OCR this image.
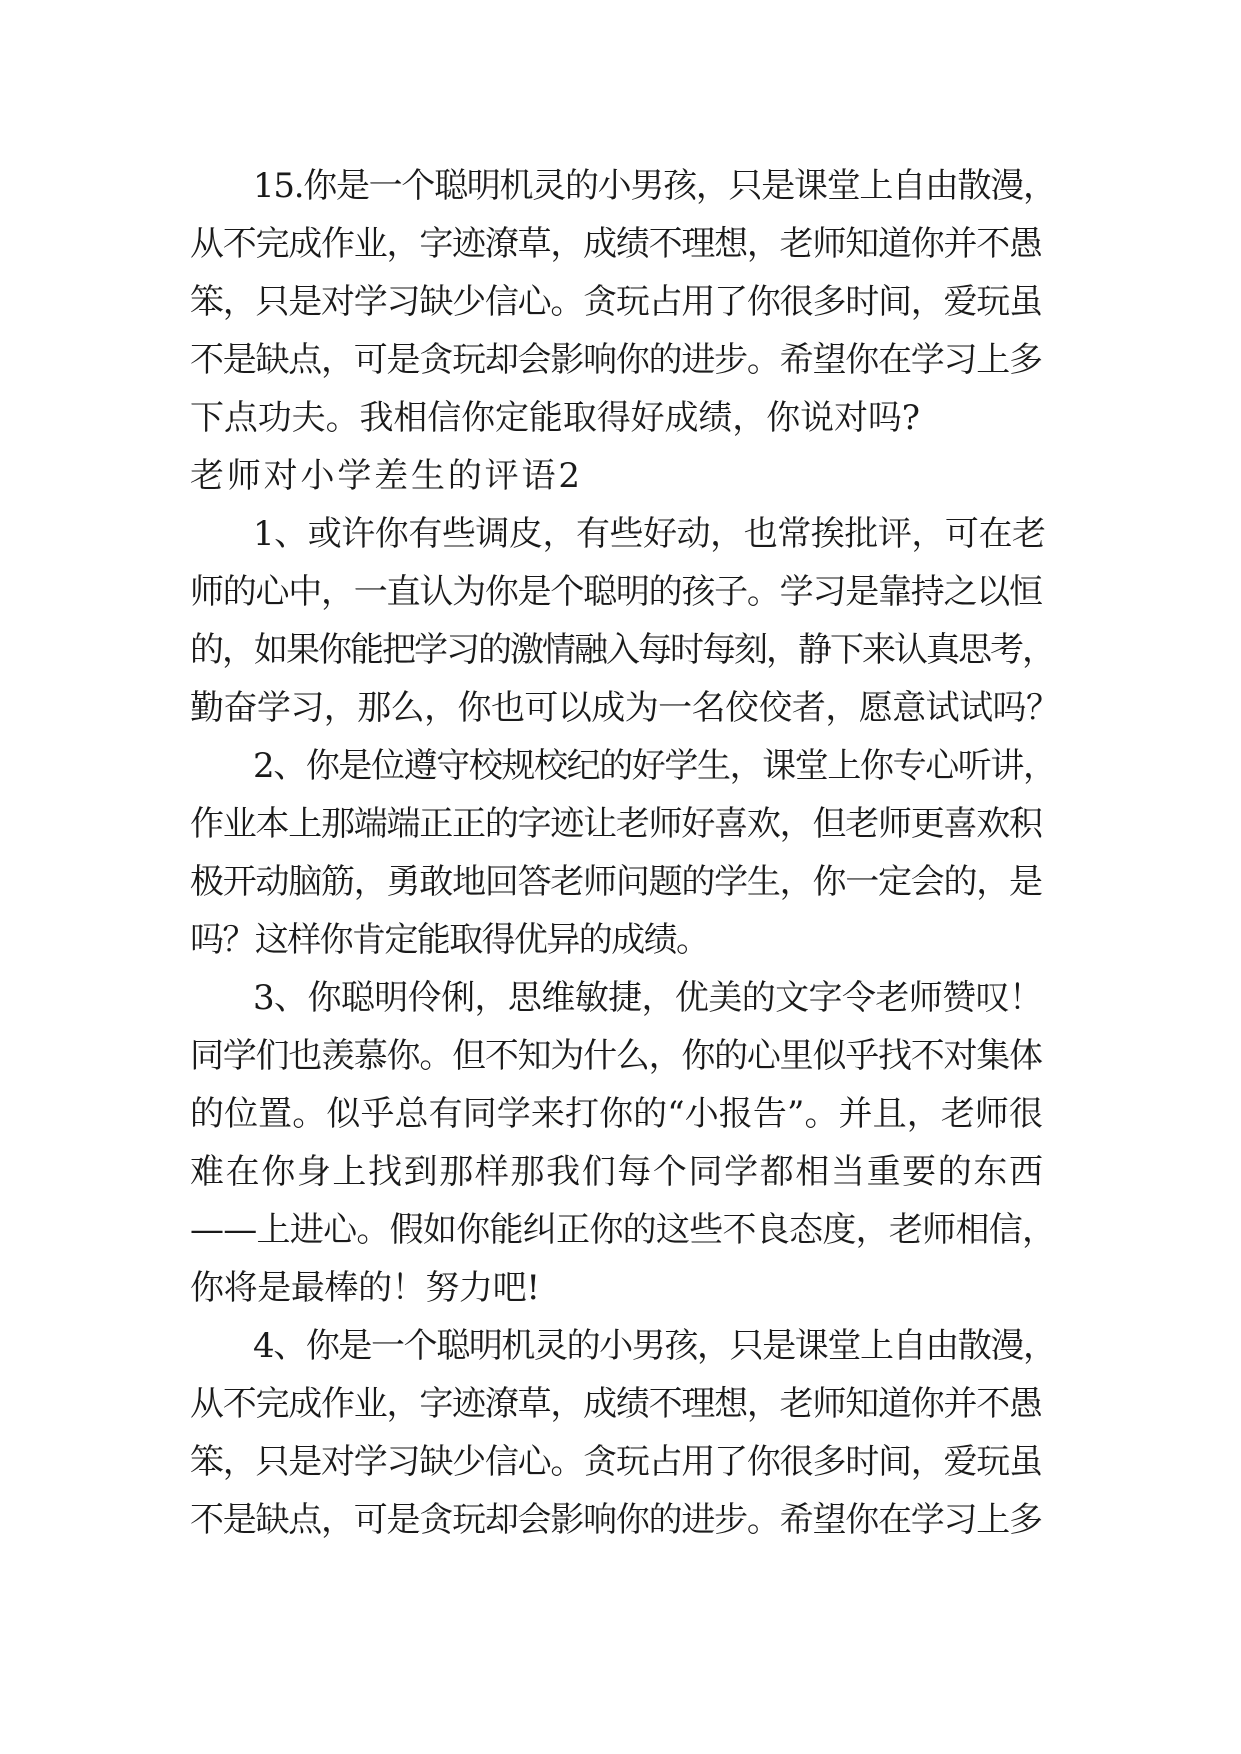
15.你是一个聪明机灵的小男孩，只是课堂上自由散漫，
从不完成作业，字迹潦草，成绩不理想，老师知道你并不愚
笨，只是对学习缺少信心。贪玩占用了你很多时间，爱玩虽
不是缺点，可是贪玩却会影响你的进步。希望你在学习上多
下点功夫。我相信你定能取得好成绩，你说对吗?
老师对小学差生的评语2
1、或许你有些调皮，有些好动，也常挨批评，可在老
师的心中，一直认为你是个聪明的孩子。学习是靠持之以恒
的，如果你能把学习的激情融入每时每刻，静下来认真思考，
勤奋学习，那么，你也可以成为一名佼佼者，愿意试试吗？
2、你是位遵守校规校纪的好学生，课堂上你专心听讲，
作业本上那端端正正的字迹让老师好喜欢，但老师更喜欢积
极开动脑筋，勇敢地回答老师问题的学生，你一定会的，是
吗？这样你肯定能取得优异的成绩。
3、你聪明伶俐，思维敏捷，优美的文字令老师赞叹！
同学们也羡慕你。但不知为什么，你的心里似乎找不对集体
的位置。似乎总有同学来打你的“小报告”。并且，老师很
难在你身上找到那样那我们每个同学都相当重要的东西
——上进心。假如你能纠正你的这些不良态度，老师相信，
你将是最棒的！努力吧!
4、你是一个聪明机灵的小男孩，只是课堂上自由散漫，
从不完成作业，字迹潦草，成绩不理想，老师知道你并不愚
笨，只是对学习缺少信心。贪玩占用了你很多时间，爱玩虽
不是缺点，可是贪玩却会影响你的进步。希望你在学习上多
